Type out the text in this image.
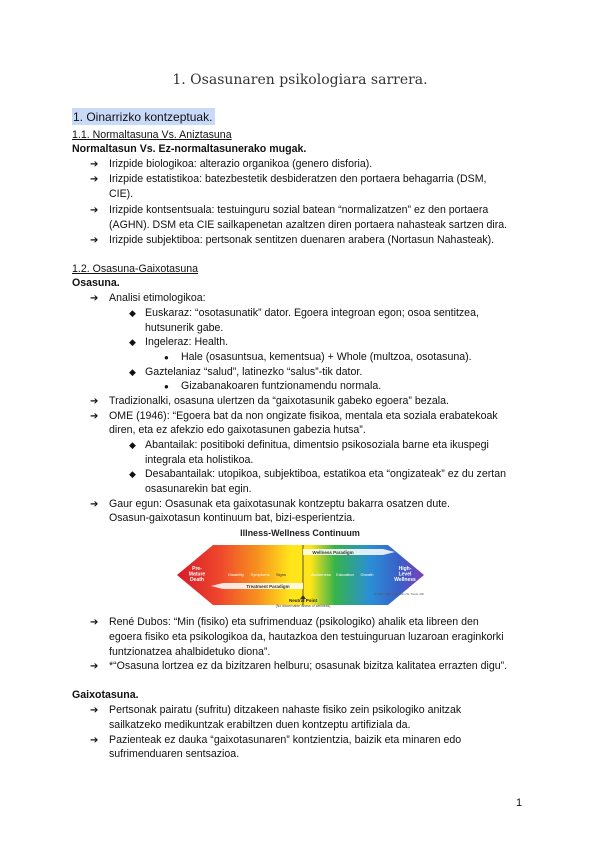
1. Osasunaren psikologiara sarrera.
1. Oinarrizko kontzeptuak.
1.1. Normaltasuna Vs. Aniztasuna
Normaltasun Vs. Ez-normaltasunerako mugak.
➔ Irizpide biologikoa: alterazio organikoa (genero disforia).
➔ Irizpide estatistikoa: batezbestetik desbideratzen den portaera behagarria (DSM,
CIE).
➔ Irizpide kontsentsuala: testuinguru sozial batean “normalizatzen” ez den portaera
(AGHN). DSM eta CIE sailkapenetan azaltzen diren portaera nahasteak sartzen dira.
➔ Irizpide subjektiboa: pertsonak sentitzen duenaren arabera (Nortasun Nahasteak).
1.2. Osasuna-Gaixotasuna
Osasuna.
➔ Analisi etimologikoa:
◆ Euskaraz: “osotasunatik” dator. Egoera integroan egon; osoa sentitzea,
hutsunerik gabe.
◆ Ingeleraz: Health.
● Hale (osasuntsua, kementsua) + Whole (multzoa, osotasuna).
◆ Gaztelaniaz “salud”, latinezko “salus”-tik dator.
● Gizabanakoaren funtzionamendu normala.
➔ Tradizionalki, osasuna ulertzen da “gaixotasunik gabeko egoera” bezala.
➔ OME (1946): “Egoera bat da non ongizate fisikoa, mentala eta soziala erabatekoak
diren, eta ez afekzio edo gaixotasunen gabezia hutsa”.
◆ Abantailak: positiboki definitua, dimentsio psikosoziala barne eta ikuspegi
integrala eta holistikoa.
◆ Desabantailak: utopikoa, subjektiboa, estatikoa eta “ongizateak” ez du zertan
osasunarekin bat egin.
➔ Gaur egun: Osasunak eta gaixotasunak kontzeptu bakarra osatzen dute.
Osasun-gaixotasun kontinuum bat, bizi-esperientzia.
Illness-Wellness Continuum
Wellness Paradigm
Treatment Paradigm
Pre-Mature Death
High-Level Wellness
Disability Symptoms Signs	Awareness Education Growth
Neutral Point
(No discernable illness or wellness)
© 1972, 1988, 2004 John W. Travis, MD
➔ René Dubos: “Min (fisiko) eta sufrimenduaz (psikologiko) ahalik eta libreen den
egoera fisiko eta psikologikoa da, hautazkoa den testuinguruan luzaroan eraginkorki
funtzionatzea ahalbidetuko diona”.
➔ *“Osasuna lortzea ez da bizitzaren helburu; osasunak bizitza kalitatea errazten digu”.
Gaixotasuna.
➔ Pertsonak pairatu (sufritu) ditzakeen nahaste fisiko zein psikologiko anitzak
sailkatzeko medikuntzak erabiltzen duen kontzeptu artifiziala da.
➔ Pazienteak ez dauka “gaixotasunaren” kontzientzia, baizik eta minaren edo
sufrimenduaren sentsazioa.
1
